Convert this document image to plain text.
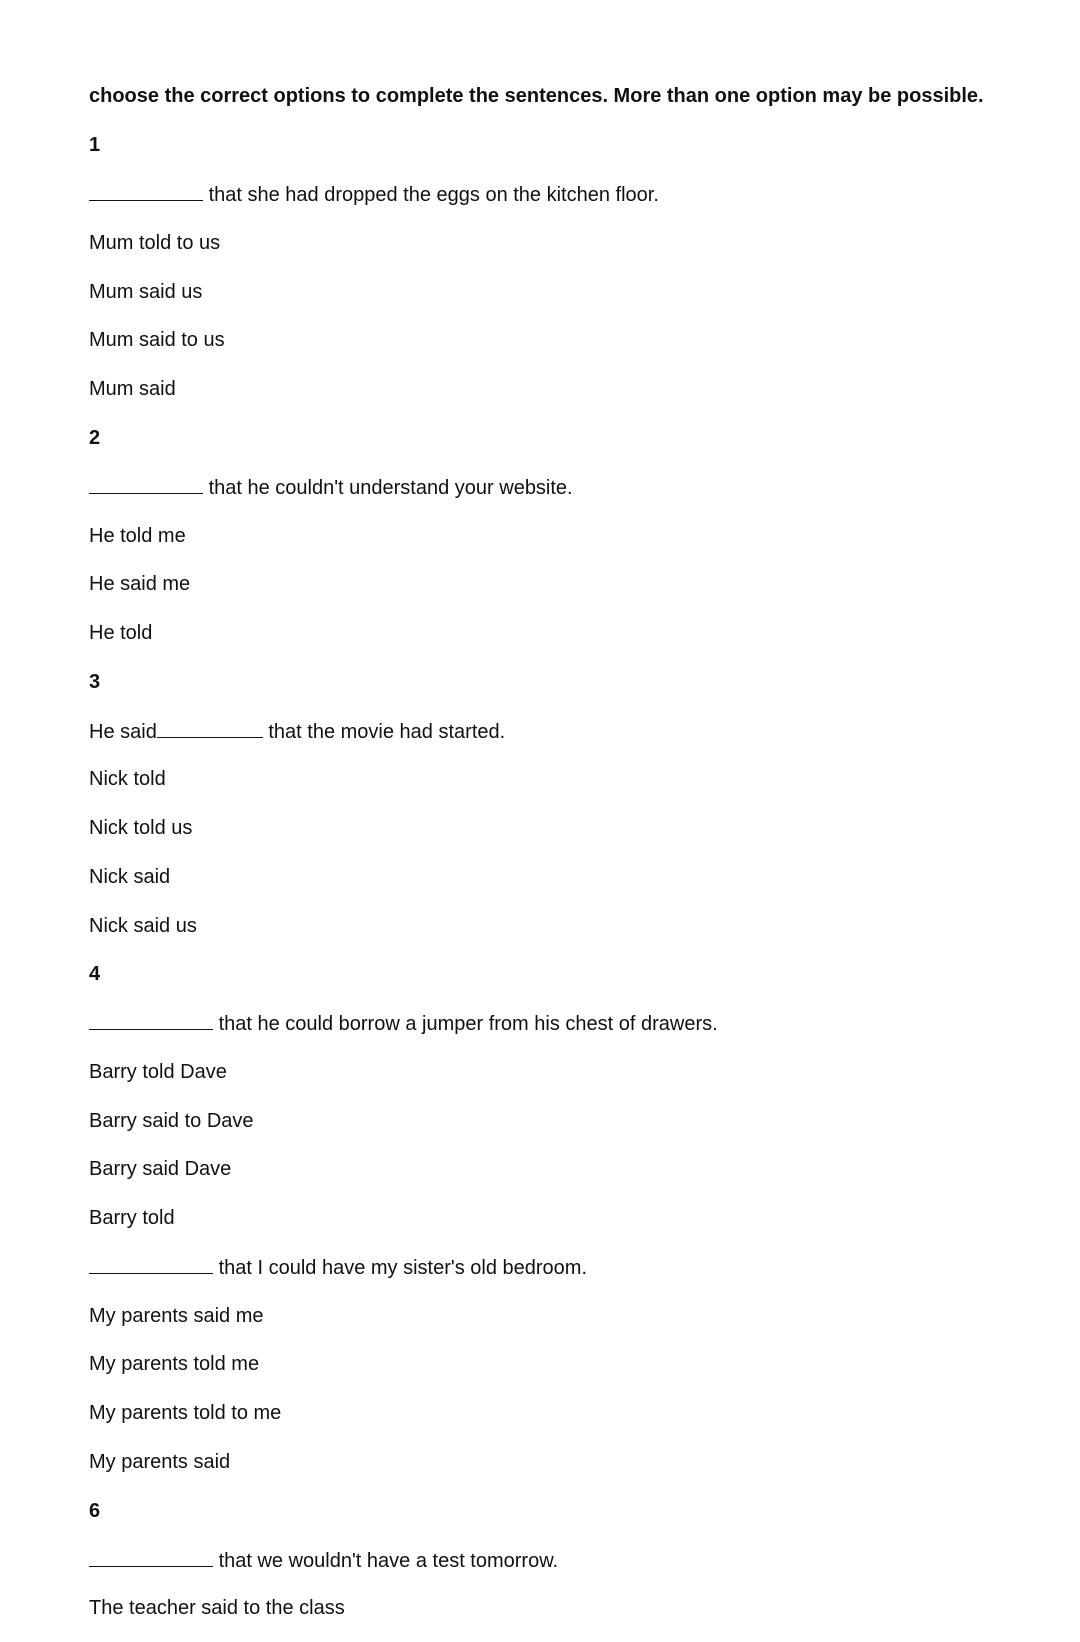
choose the correct options to complete the sentences. More than one option may be possible.
1
that she had dropped the eggs on the kitchen floor.
Mum told to us
Mum said us
Mum said to us
Mum said
2
that he couldn't understand your website.
He told me
He said me
He told
3
He said	that the movie had started.
Nick told
Nick told us
Nick said
Nick said us
4
that he could borrow a jumper from his chest of drawers.
Barry told Dave
Barry said to Dave
Barry said Dave
Barry told
that I could have my sister's old bedroom.
My parents said me
My parents told me
My parents told to me
My parents said
6
that we wouldn't have a test tomorrow.
The teacher said to the class
